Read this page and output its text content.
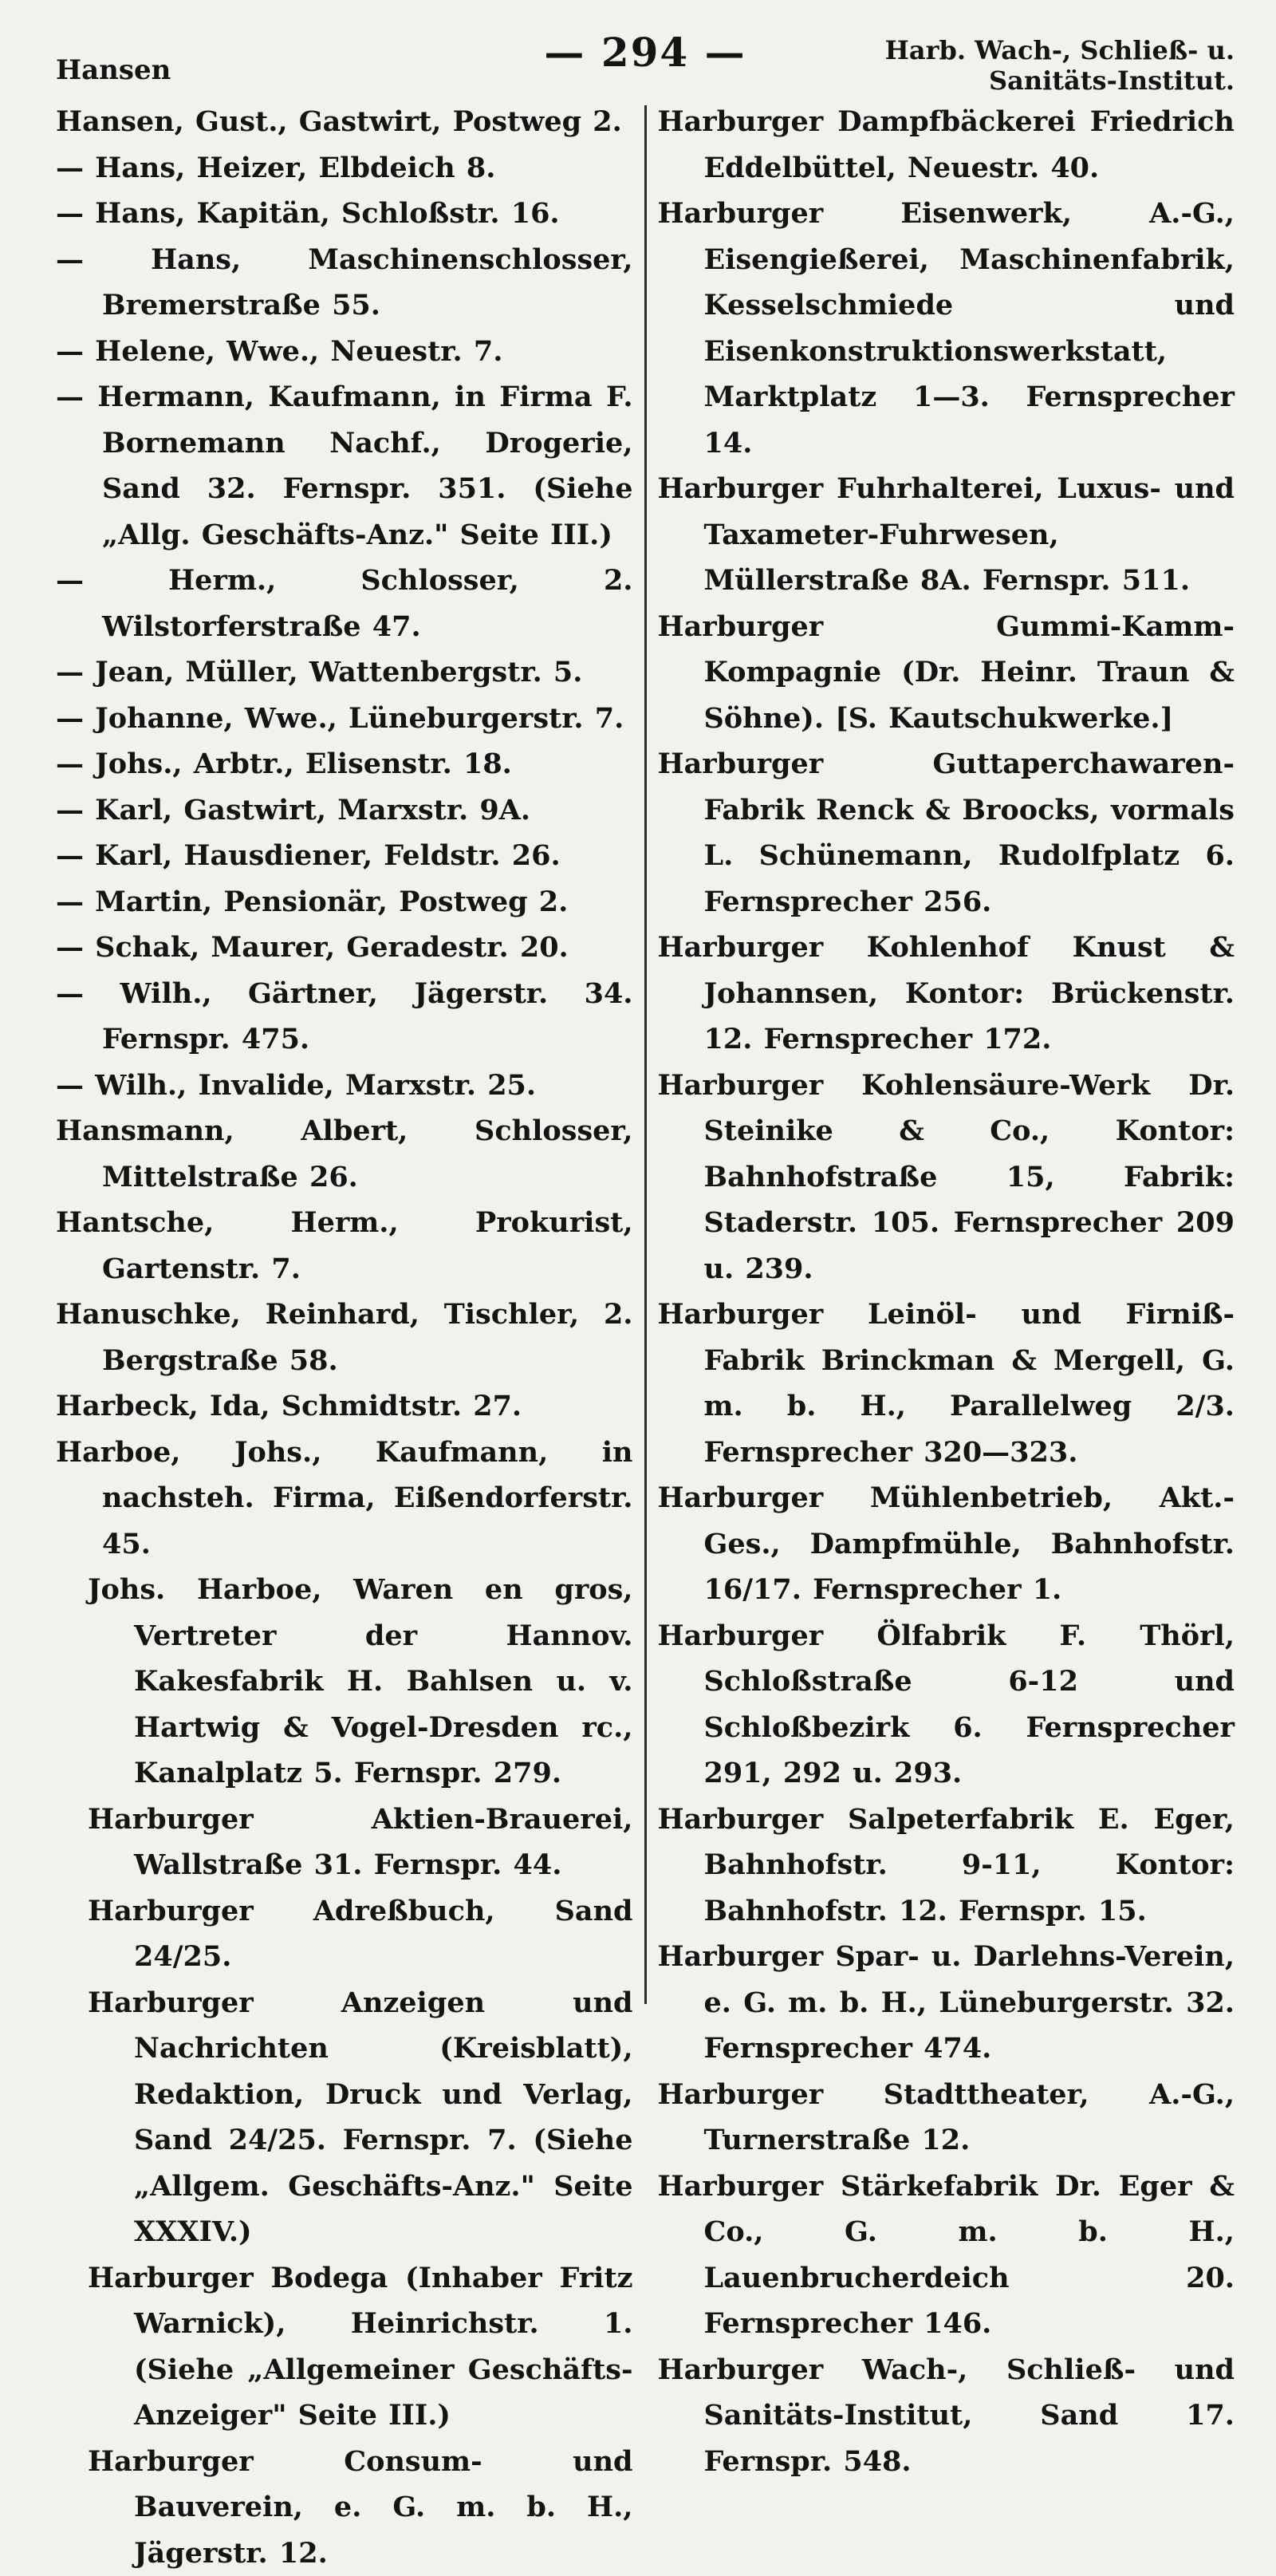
Hansen	— 294 —	Harb. Wach-, Schließ- u.
Sanitäts-Institut.

Hansen, Gust., Gastwirt, Postweg 2.

— Hans, Heizer, Elbdeich 8.

— Hans, Kapitän, Schloßstr. 16.

— Hans, Maschinenschlosser, Bremerstraße 55.

— Helene, Wwe., Neuestr. 7.

— Hermann, Kaufmann, in Firma F. Bornemann Nachf., Drogerie, Sand 32. Fernspr. 351. (Siehe „Allg. Geschäfts-Anz." Seite III.)

— Herm., Schlosser, 2. Wilstorferstraße 47.

— Jean, Müller, Wattenbergstr. 5.

— Johanne, Wwe., Lüneburgerstr. 7.

— Johs., Arbtr., Elisenstr. 18.

— Karl, Gastwirt, Marxstr. 9A.

— Karl, Hausdiener, Feldstr. 26.

— Martin, Pensionär, Postweg 2.

— Schak, Maurer, Geradestr. 20.

— Wilh., Gärtner, Jägerstr. 34. Fernspr. 475.

— Wilh., Invalide, Marxstr. 25.

Hansmann, Albert, Schlosser, Mittelstraße 26.

Hantsche, Herm., Prokurist, Gartenstr. 7.

Hanuschke, Reinhard, Tischler, 2. Bergstraße 58.

Harbeck, Ida, Schmidtstr. 27.

Harboe, Johs., Kaufmann, in nachsteh. Firma, Eißendorferstr. 45.

Johs. Harboe, Waren en gros, Vertreter der Hannov. Kakesfabrik H. Bahlsen u. v. Hartwig & Vogel-Dresden rc., Kanalplatz 5. Fernspr. 279.

Harburger Aktien-Brauerei, Wallstraße 31. Fernspr. 44.

Harburger Adreßbuch, Sand 24/25.

Harburger Anzeigen und Nachrichten (Kreisblatt), Redaktion, Druck und Verlag, Sand 24/25. Fernspr. 7. (Siehe „Allgem. Geschäfts-Anz." Seite XXXIV.)

Harburger Bodega (Inhaber Fritz Warnick), Heinrichstr. 1. (Siehe „Allgemeiner Geschäfts-Anzeiger" Seite III.)

Harburger Consum- und Bauverein, e. G. m. b. H., Jägerstr. 12.

Harburger Dampfbäckerei Friedrich Eddelbüttel, Neuestr. 40.

Harburger Eisenwerk, A.-G., Eisengießerei, Maschinenfabrik, Kesselschmiede und Eisenkonstruktionswerkstatt, Marktplatz 1—3. Fernsprecher 14.

Harburger Fuhrhalterei, Luxus- und Taxameter-Fuhrwesen, Müllerstraße 8A. Fernspr. 511.

Harburger Gummi-Kamm-Kompagnie (Dr. Heinr. Traun & Söhne). [S. Kautschukwerke.]

Harburger Guttaperchawaren-Fabrik Renck & Broocks, vormals L. Schünemann, Rudolfplatz 6. Fernsprecher 256.

Harburger Kohlenhof Knust & Johannsen, Kontor: Brückenstr. 12. Fernsprecher 172.

Harburger Kohlensäure-Werk Dr. Steinike & Co., Kontor: Bahnhofstraße 15, Fabrik: Staderstr. 105. Fernsprecher 209 u. 239.

Harburger Leinöl- und Firniß-Fabrik Brinckman & Mergell, G. m. b. H., Parallelweg 2/3. Fernsprecher 320—323.

Harburger Mühlenbetrieb, Akt.-Ges., Dampfmühle, Bahnhofstr. 16/17. Fernsprecher 1.

Harburger Ölfabrik F. Thörl, Schloßstraße 6-12 und Schloßbezirk 6. Fernsprecher 291, 292 u. 293.

Harburger Salpeterfabrik E. Eger, Bahnhofstr. 9-11, Kontor: Bahnhofstr. 12. Fernspr. 15.

Harburger Spar- u. Darlehns-Verein, e. G. m. b. H., Lüneburgerstr. 32. Fernsprecher 474.

Harburger Stadttheater, A.-G., Turnerstraße 12.

Harburger Stärkefabrik Dr. Eger & Co., G. m. b. H., Lauenbrucherdeich 20. Fernsprecher 146.

Harburger Wach-, Schließ- und Sanitäts-Institut, Sand 17. Fernspr. 548.
